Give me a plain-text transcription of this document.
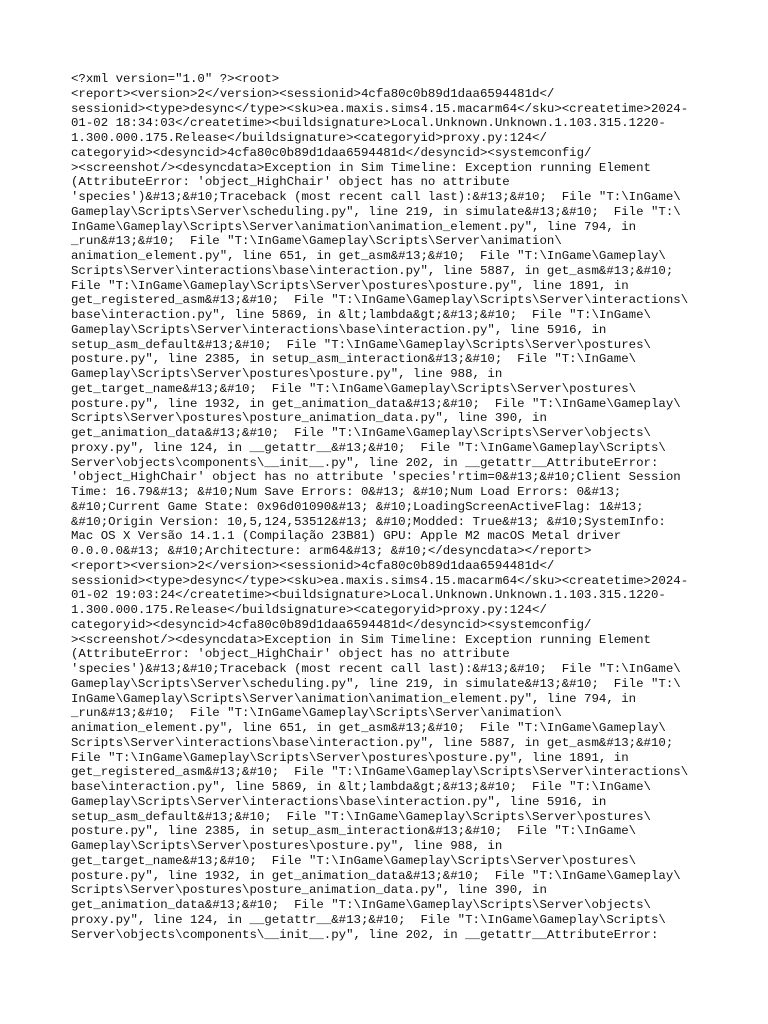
<?xml version="1.0" ?><root>
<report><version>2</version><sessionid>4cfa80c0b89d1daa6594481d</
sessionid><type>desync</type><sku>ea.maxis.sims4.15.macarm64</sku><createtime>2024-
01-02 18:34:03</createtime><buildsignature>Local.Unknown.Unknown.1.103.315.1220-
1.300.000.175.Release</buildsignature><categoryid>proxy.py:124</
categoryid><desyncid>4cfa80c0b89d1daa6594481d</desyncid><systemconfig/
><screenshot/><desyncdata>Exception in Sim Timeline: Exception running Element
(AttributeError: 'object_HighChair' object has no attribute
'species')&#13;&#10;Traceback (most recent call last):&#13;&#10;  File "T:\InGame\
Gameplay\Scripts\Server\scheduling.py", line 219, in simulate&#13;&#10;  File "T:\
InGame\Gameplay\Scripts\Server\animation\animation_element.py", line 794, in
_run&#13;&#10;  File "T:\InGame\Gameplay\Scripts\Server\animation\
animation_element.py", line 651, in get_asm&#13;&#10;  File "T:\InGame\Gameplay\
Scripts\Server\interactions\base\interaction.py", line 5887, in get_asm&#13;&#10;
File "T:\InGame\Gameplay\Scripts\Server\postures\posture.py", line 1891, in
get_registered_asm&#13;&#10;  File "T:\InGame\Gameplay\Scripts\Server\interactions\
base\interaction.py", line 5869, in &lt;lambda&gt;&#13;&#10;  File "T:\InGame\
Gameplay\Scripts\Server\interactions\base\interaction.py", line 5916, in
setup_asm_default&#13;&#10;  File "T:\InGame\Gameplay\Scripts\Server\postures\
posture.py", line 2385, in setup_asm_interaction&#13;&#10;  File "T:\InGame\
Gameplay\Scripts\Server\postures\posture.py", line 988, in
get_target_name&#13;&#10;  File "T:\InGame\Gameplay\Scripts\Server\postures\
posture.py", line 1932, in get_animation_data&#13;&#10;  File "T:\InGame\Gameplay\
Scripts\Server\postures\posture_animation_data.py", line 390, in
get_animation_data&#13;&#10;  File "T:\InGame\Gameplay\Scripts\Server\objects\
proxy.py", line 124, in __getattr__&#13;&#10;  File "T:\InGame\Gameplay\Scripts\
Server\objects\components\__init__.py", line 202, in __getattr__AttributeError:
'object_HighChair' object has no attribute 'species'rtim=0&#13;&#10;Client Session
Time: 16.79&#13; &#10;Num Save Errors: 0&#13; &#10;Num Load Errors: 0&#13;
&#10;Current Game State: 0x96d01090&#13; &#10;LoadingScreenActiveFlag: 1&#13;
&#10;Origin Version: 10,5,124,53512&#13; &#10;Modded: True&#13; &#10;SystemInfo:
Mac OS X Versão 14.1.1 (Compilação 23B81) GPU: Apple M2 macOS Metal driver
0.0.0.0&#13; &#10;Architecture: arm64&#13; &#10;</desyncdata></report>
<report><version>2</version><sessionid>4cfa80c0b89d1daa6594481d</
sessionid><type>desync</type><sku>ea.maxis.sims4.15.macarm64</sku><createtime>2024-
01-02 19:03:24</createtime><buildsignature>Local.Unknown.Unknown.1.103.315.1220-
1.300.000.175.Release</buildsignature><categoryid>proxy.py:124</
categoryid><desyncid>4cfa80c0b89d1daa6594481d</desyncid><systemconfig/
><screenshot/><desyncdata>Exception in Sim Timeline: Exception running Element
(AttributeError: 'object_HighChair' object has no attribute
'species')&#13;&#10;Traceback (most recent call last):&#13;&#10;  File "T:\InGame\
Gameplay\Scripts\Server\scheduling.py", line 219, in simulate&#13;&#10;  File "T:\
InGame\Gameplay\Scripts\Server\animation\animation_element.py", line 794, in
_run&#13;&#10;  File "T:\InGame\Gameplay\Scripts\Server\animation\
animation_element.py", line 651, in get_asm&#13;&#10;  File "T:\InGame\Gameplay\
Scripts\Server\interactions\base\interaction.py", line 5887, in get_asm&#13;&#10;
File "T:\InGame\Gameplay\Scripts\Server\postures\posture.py", line 1891, in
get_registered_asm&#13;&#10;  File "T:\InGame\Gameplay\Scripts\Server\interactions\
base\interaction.py", line 5869, in &lt;lambda&gt;&#13;&#10;  File "T:\InGame\
Gameplay\Scripts\Server\interactions\base\interaction.py", line 5916, in
setup_asm_default&#13;&#10;  File "T:\InGame\Gameplay\Scripts\Server\postures\
posture.py", line 2385, in setup_asm_interaction&#13;&#10;  File "T:\InGame\
Gameplay\Scripts\Server\postures\posture.py", line 988, in
get_target_name&#13;&#10;  File "T:\InGame\Gameplay\Scripts\Server\postures\
posture.py", line 1932, in get_animation_data&#13;&#10;  File "T:\InGame\Gameplay\
Scripts\Server\postures\posture_animation_data.py", line 390, in
get_animation_data&#13;&#10;  File "T:\InGame\Gameplay\Scripts\Server\objects\
proxy.py", line 124, in __getattr__&#13;&#10;  File "T:\InGame\Gameplay\Scripts\
Server\objects\components\__init__.py", line 202, in __getattr__AttributeError:
